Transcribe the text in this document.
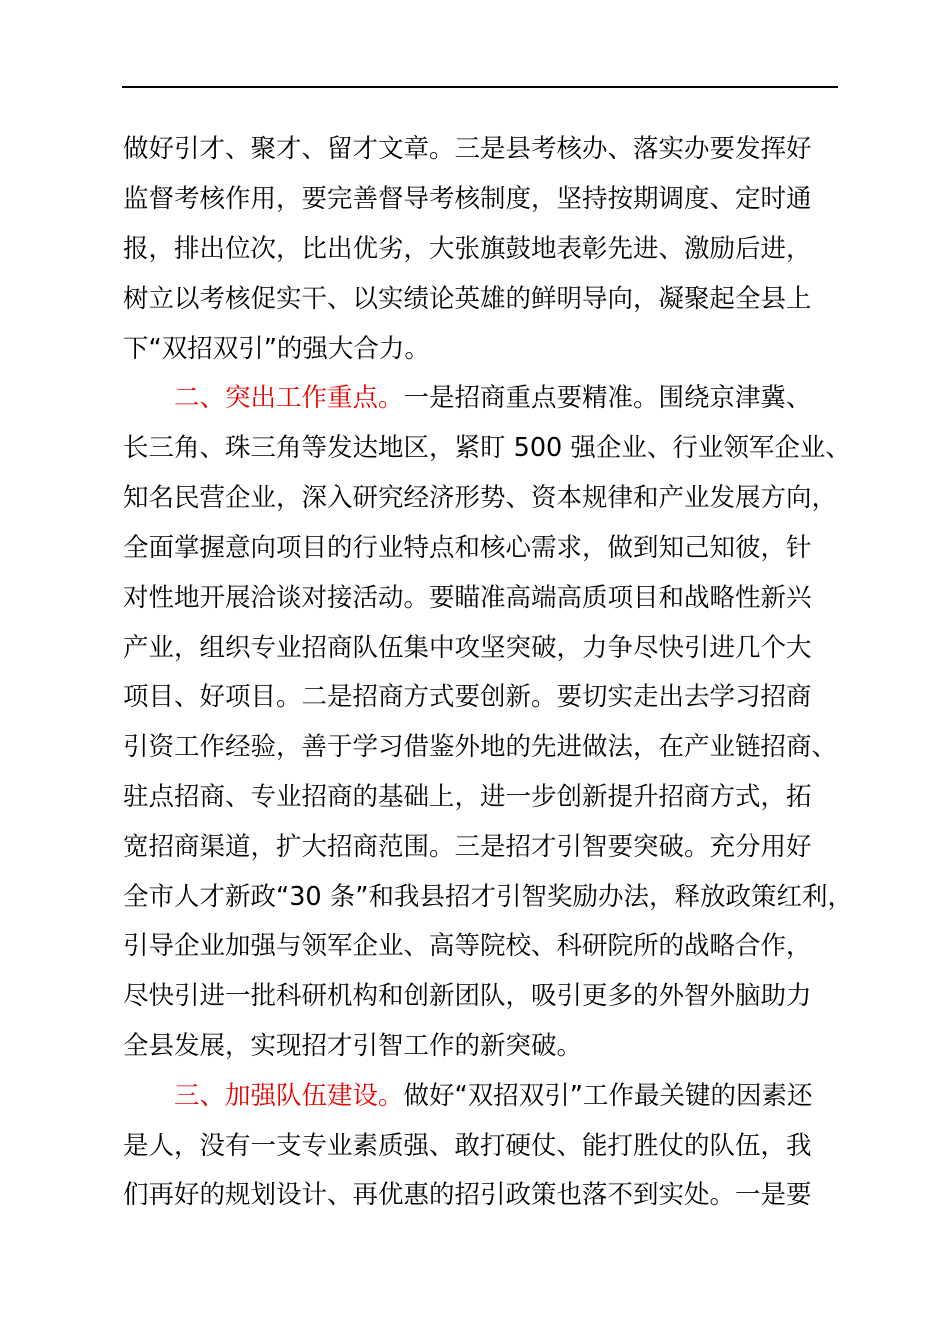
做好引才、聚才、留才文章。三是县考核办、落实办要发挥好
监督考核作用，要完善督导考核制度，坚持按期调度、定时通
报，排出位次，比出优劣，大张旗鼓地表彰先进、激励后进，
树立以考核促实干、以实绩论英雄的鲜明导向，凝聚起全县上
下“双招双引”的强大合力。
二、突出工作重点。一是招商重点要精准。围绕京津冀、
长三角、珠三角等发达地区，紧盯 500 强企业、行业领军企业、
知名民营企业，深入研究经济形势、资本规律和产业发展方向，
全面掌握意向项目的行业特点和核心需求，做到知己知彼，针
对性地开展洽谈对接活动。要瞄准高端高质项目和战略性新兴
产业，组织专业招商队伍集中攻坚突破，力争尽快引进几个大
项目、好项目。二是招商方式要创新。要切实走出去学习招商
引资工作经验，善于学习借鉴外地的先进做法，在产业链招商、
驻点招商、专业招商的基础上，进一步创新提升招商方式，拓
宽招商渠道，扩大招商范围。三是招才引智要突破。充分用好
全市人才新政“30 条”和我县招才引智奖励办法，释放政策红利，
引导企业加强与领军企业、高等院校、科研院所的战略合作，
尽快引进一批科研机构和创新团队，吸引更多的外智外脑助力
全县发展，实现招才引智工作的新突破。
三、加强队伍建设。做好“双招双引”工作最关键的因素还
是人，没有一支专业素质强、敢打硬仗、能打胜仗的队伍，我
们再好的规划设计、再优惠的招引政策也落不到实处。一是要
